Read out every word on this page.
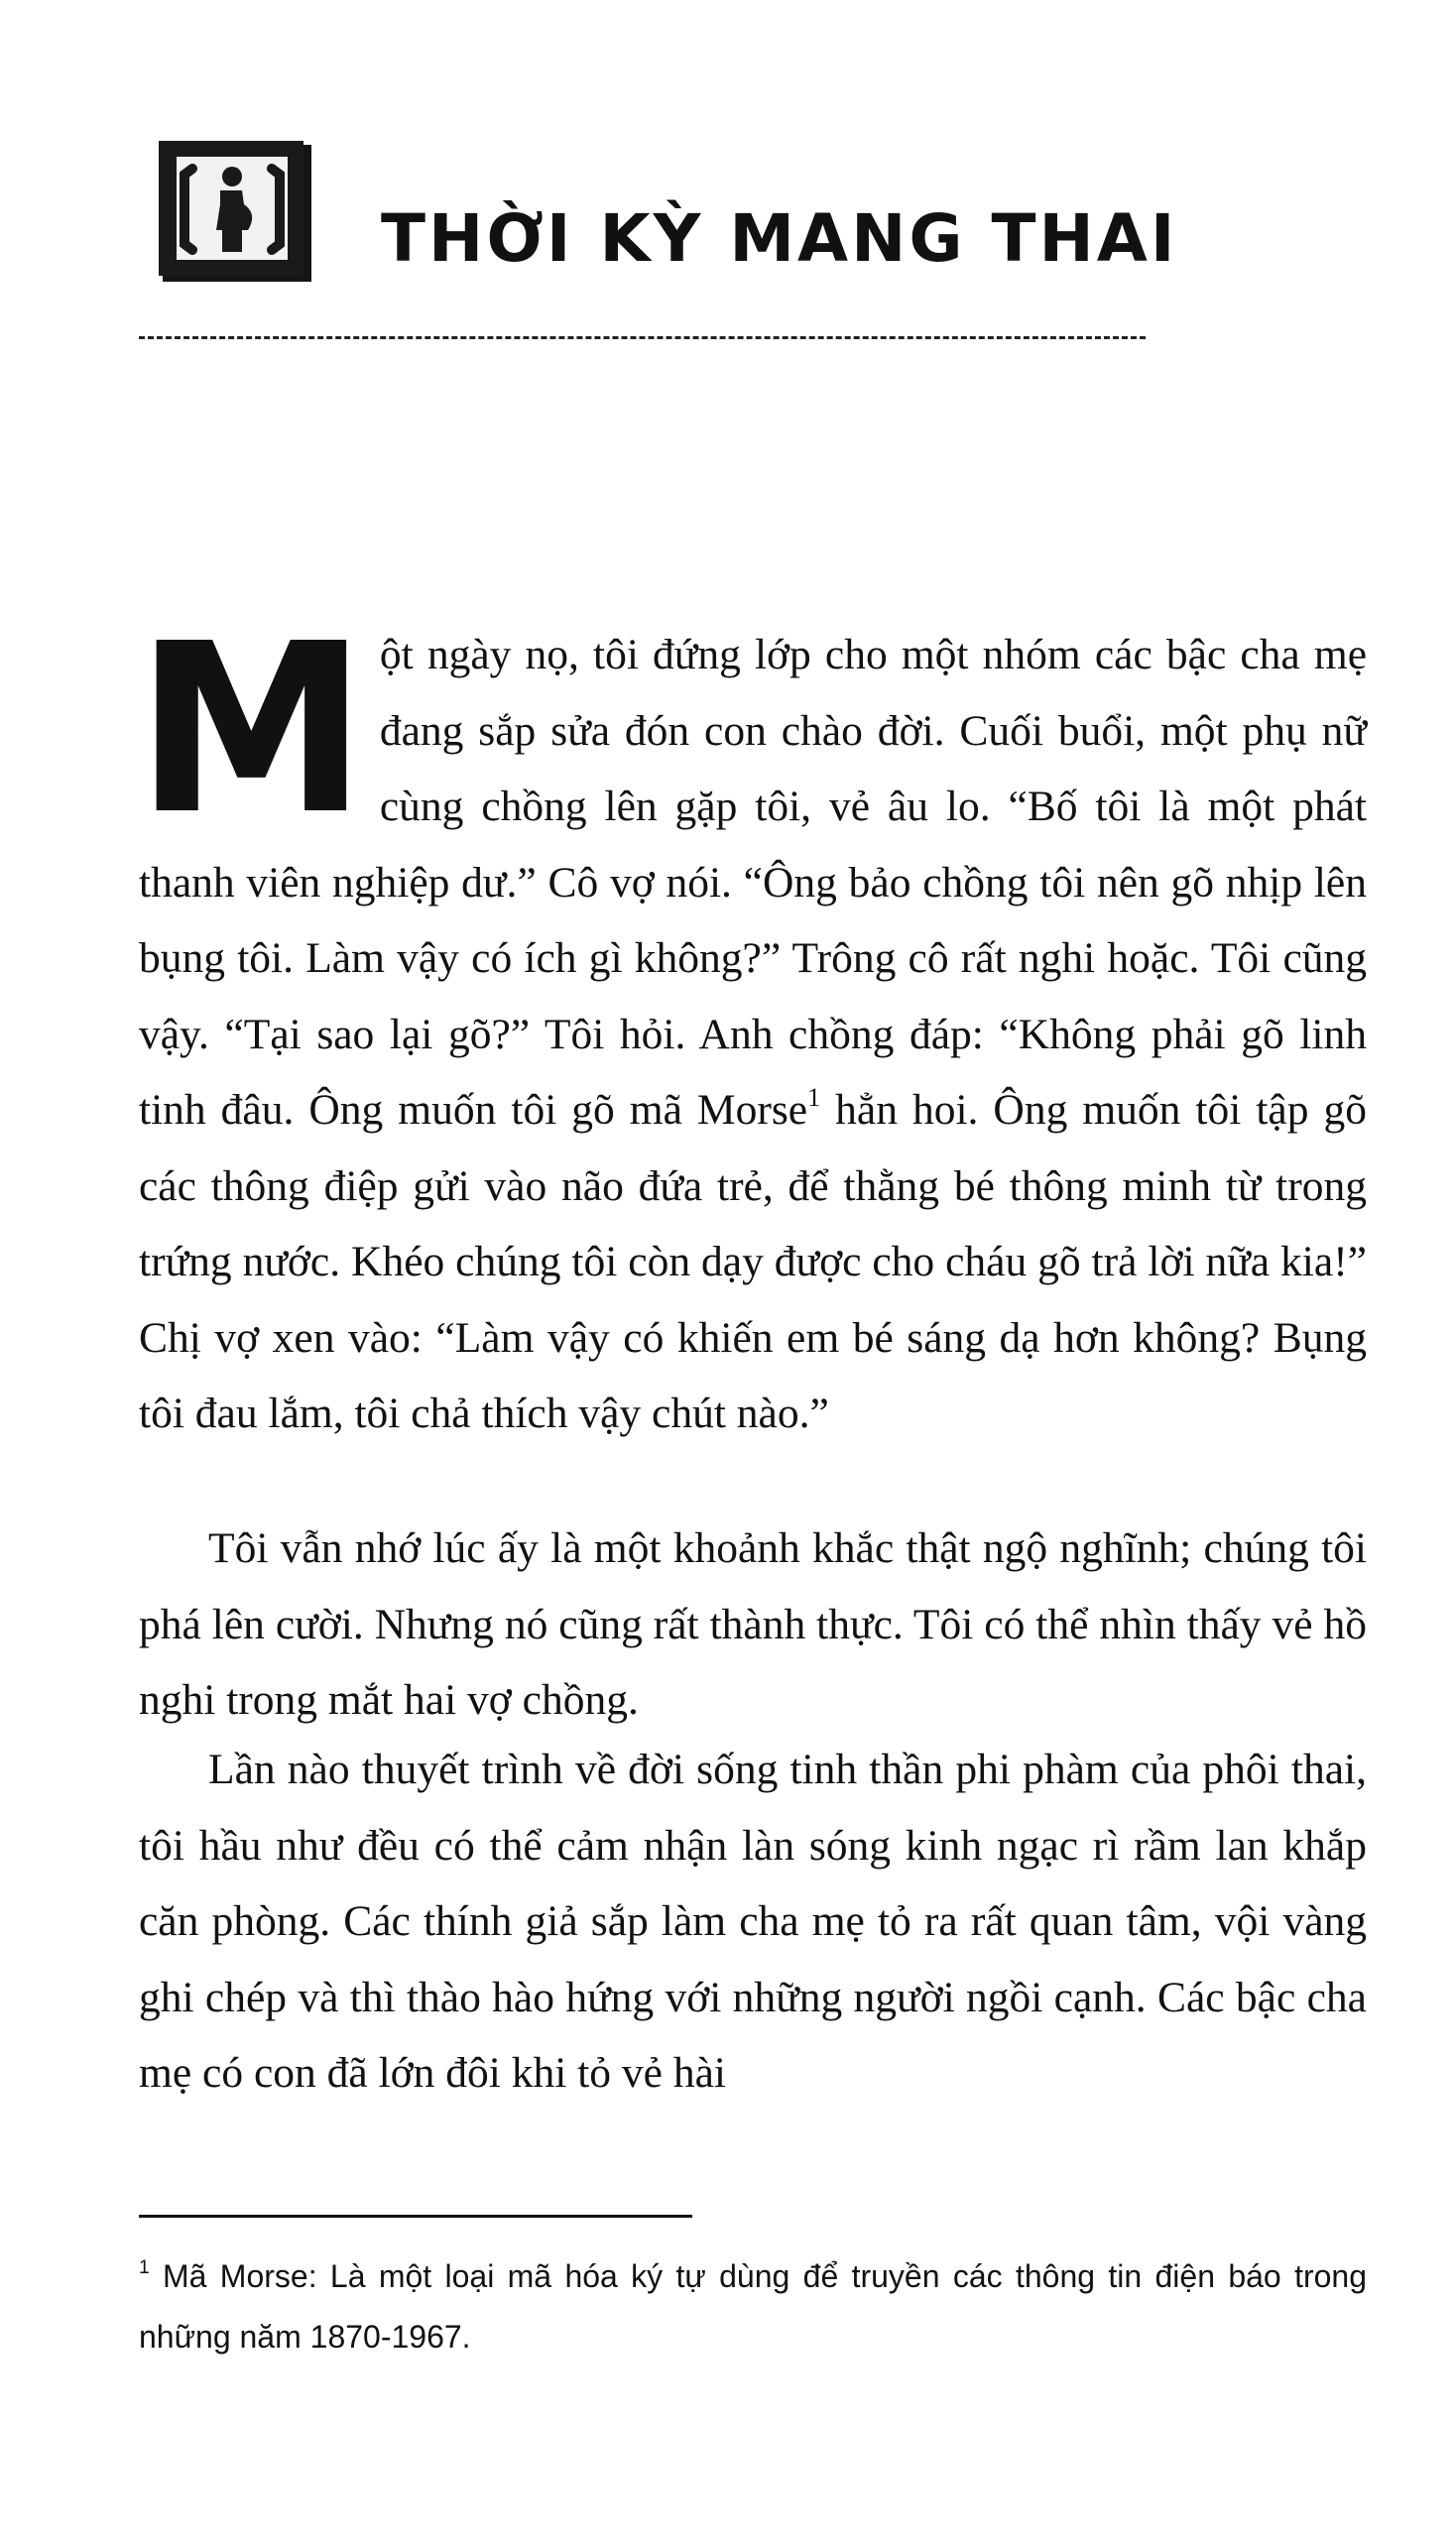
THỜI KỲ MANG THAI

Một ngày nọ, tôi đứng lớp cho một nhóm các bậc cha mẹ đang sắp sửa đón con chào đời. Cuối buổi, một phụ nữ cùng chồng lên gặp tôi, vẻ âu lo. “Bố tôi là một phát thanh viên nghiệp dư.” Cô vợ nói. “Ông bảo chồng tôi nên gõ nhịp lên bụng tôi. Làm vậy có ích gì không?” Trông cô rất nghi hoặc. Tôi cũng vậy. “Tại sao lại gõ?” Tôi hỏi. Anh chồng đáp: “Không phải gõ linh tinh đâu. Ông muốn tôi gõ mã Morse$^1$ hẳn hoi. Ông muốn tôi tập gõ các thông điệp gửi vào não đứa trẻ, để thằng bé thông minh từ trong trứng nước. Khéo chúng tôi còn dạy được cho cháu gõ trả lời nữa kia!” Chị vợ xen vào: “Làm vậy có khiến em bé sáng dạ hơn không? Bụng tôi đau lắm, tôi chả thích vậy chút nào.”

Tôi vẫn nhớ lúc ấy là một khoảnh khắc thật ngộ nghĩnh; chúng tôi phá lên cười. Nhưng nó cũng rất thành thực. Tôi có thể nhìn thấy vẻ hồ nghi trong mắt hai vợ chồng.

Lần nào thuyết trình về đời sống tinh thần phi phàm của phôi thai, tôi hầu như đều có thể cảm nhận làn sóng kinh ngạc rì rầm lan khắp căn phòng. Các thính giả sắp làm cha mẹ tỏ ra rất quan tâm, vội vàng ghi chép và thì thào hào hứng với những người ngồi cạnh. Các bậc cha mẹ có con đã lớn đôi khi tỏ vẻ hài

$^1$ Mã Morse: Là một loại mã hóa ký tự dùng để truyền các thông tin điện báo trong những năm 1870-1967.
